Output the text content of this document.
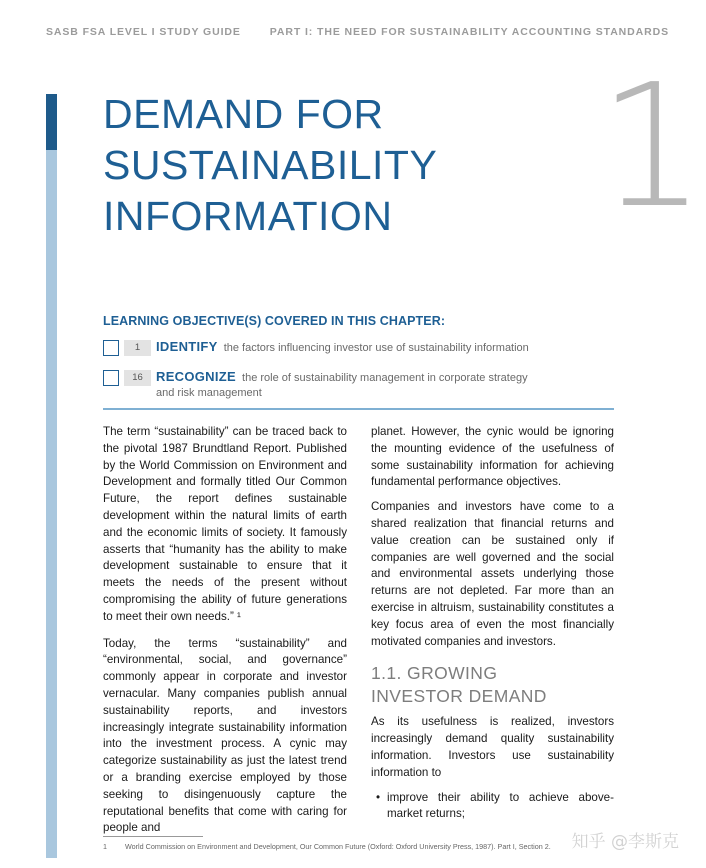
SASB FSA LEVEL I STUDY GUIDE	PART I: THE NEED FOR SUSTAINABILITY ACCOUNTING STANDARDS
DEMAND FOR
SUSTAINABILITY
INFORMATION	1
LEARNING OBJECTIVE(S) COVERED IN THIS CHAPTER:
1	IDENTIFY the factors influencing investor use of sustainability information
16	RECOGNIZE the role of sustainability management in corporate strategy
and risk management

The term “sustainability” can be traced back to the pivotal 1987 Brundtland Report. Published by the World Commission on Environment and Development and formally titled Our Common Future, the report defines sustainable development within the natural limits of earth and the economic limits of society. It famously asserts that “humanity has the ability to make development sustainable to ensure that it meets the needs of the present without compromising the ability of future generations to meet their own needs.” ¹

Today, the terms “sustainability” and “environmental, social, and governance” commonly appear in corporate and investor vernacular. Many companies publish annual sustainability reports, and investors increasingly integrate sustainability information into the investment process. A cynic may categorize sustainability as just the latest trend or a branding exercise employed by those seeking to disingenuously capture the reputational benefits that come with caring for people and

planet. However, the cynic would be ignoring the mounting evidence of the usefulness of some sustainability information for achieving fundamental performance objectives.

Companies and investors have come to a shared realization that financial returns and value creation can be sustained only if companies are well governed and the social and environmental assets underlying those returns are not depleted. Far more than an exercise in altruism, sustainability constitutes a key focus area of even the most financially motivated companies and investors.

1.1. GROWING
INVESTOR DEMAND

As its usefulness is realized, investors increasingly demand quality sustainability information. Investors use sustainability information to

• improve their ability to achieve above-market returns;
1	World Commission on Environment and Development, Our Common Future (Oxford: Oxford University Press, 1987). Part I, Section 2. 知乎 @李斯克
